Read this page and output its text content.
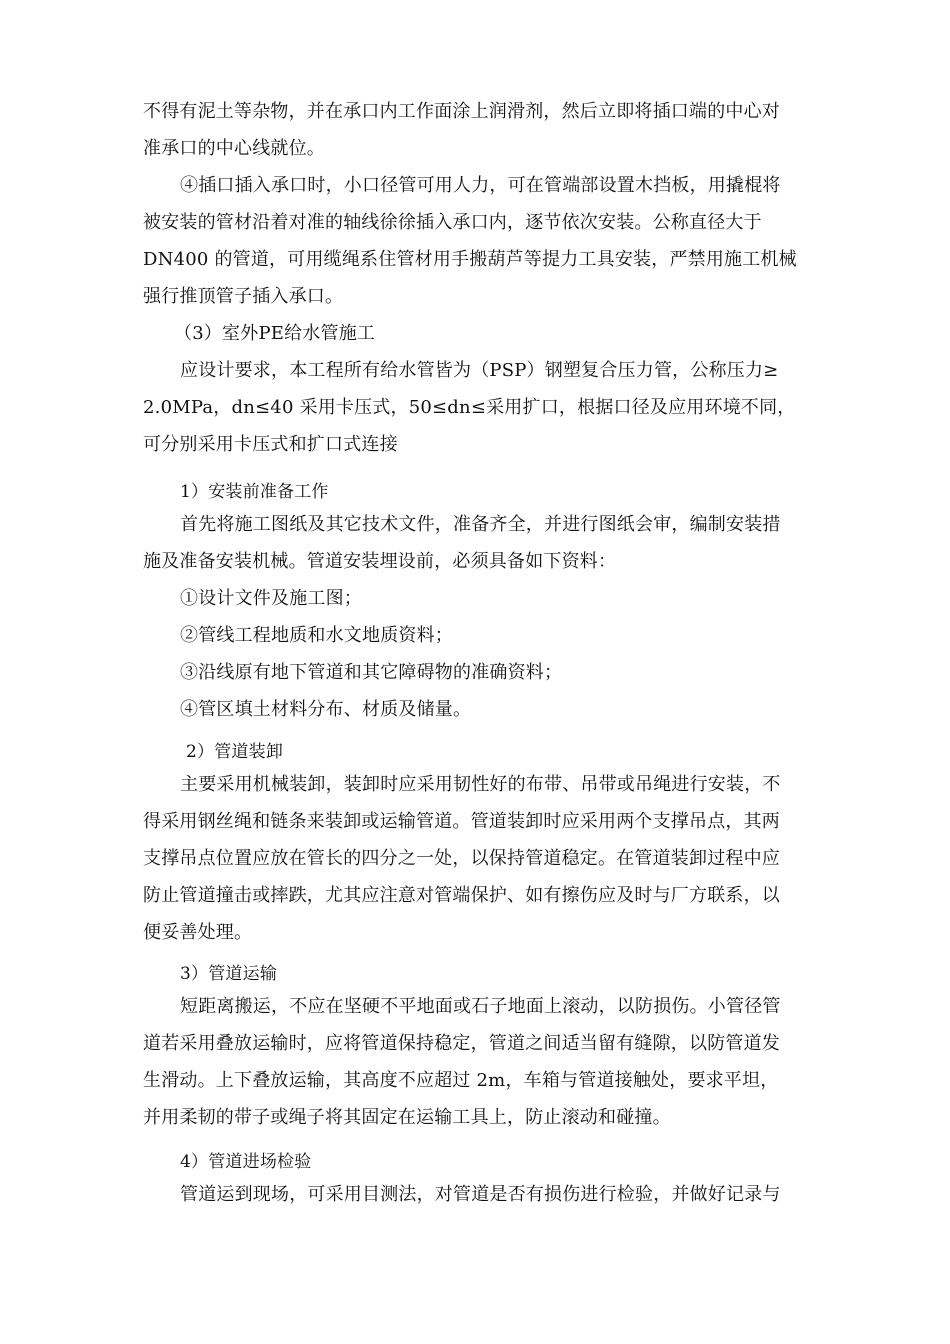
不得有泥土等杂物，并在承口内工作面涂上润滑剂，然后立即将插口端的中心对
准承口的中心线就位。
④插口插入承口时，小口径管可用人力，可在管端部设置木挡板，用撬棍将
被安装的管材沿着对准的轴线徐徐插入承口内，逐节依次安装。公称直径大于
DN400 的管道，可用缆绳系住管材用手搬葫芦等提力工具安装，严禁用施工机械
强行推顶管子插入承口。
（3）室外PE给水管施工
应设计要求，本工程所有给水管皆为（PSP）钢塑复合压力管，公称压力≥
2.0MPa，dn≤40 采用卡压式，50≤dn≤采用扩口，根据口径及应用环境不同，
可分别采用卡压式和扩口式连接
1）安装前准备工作
首先将施工图纸及其它技术文件，准备齐全，并进行图纸会审，编制安装措
施及准备安装机械。管道安装埋设前，必须具备如下资料：
①设计文件及施工图；
②管线工程地质和水文地质资料；
③沿线原有地下管道和其它障碍物的准确资料；
④管区填土材料分布、材质及储量。
2）管道装卸
主要采用机械装卸，装卸时应采用韧性好的布带、吊带或吊绳进行安装，不
得采用钢丝绳和链条来装卸或运输管道。管道装卸时应采用两个支撑吊点，其两
支撑吊点位置应放在管长的四分之一处，以保持管道稳定。在管道装卸过程中应
防止管道撞击或摔跌，尤其应注意对管端保护、如有擦伤应及时与厂方联系，以
便妥善处理。
3）管道运输
短距离搬运，不应在坚硬不平地面或石子地面上滚动，以防损伤。小管径管
道若采用叠放运输时，应将管道保持稳定，管道之间适当留有缝隙，以防管道发
生滑动。上下叠放运输，其高度不应超过 2m，车箱与管道接触处，要求平坦，
并用柔韧的带子或绳子将其固定在运输工具上，防止滚动和碰撞。
4）管道进场检验
管道运到现场，可采用目测法，对管道是否有损伤进行检验，并做好记录与
